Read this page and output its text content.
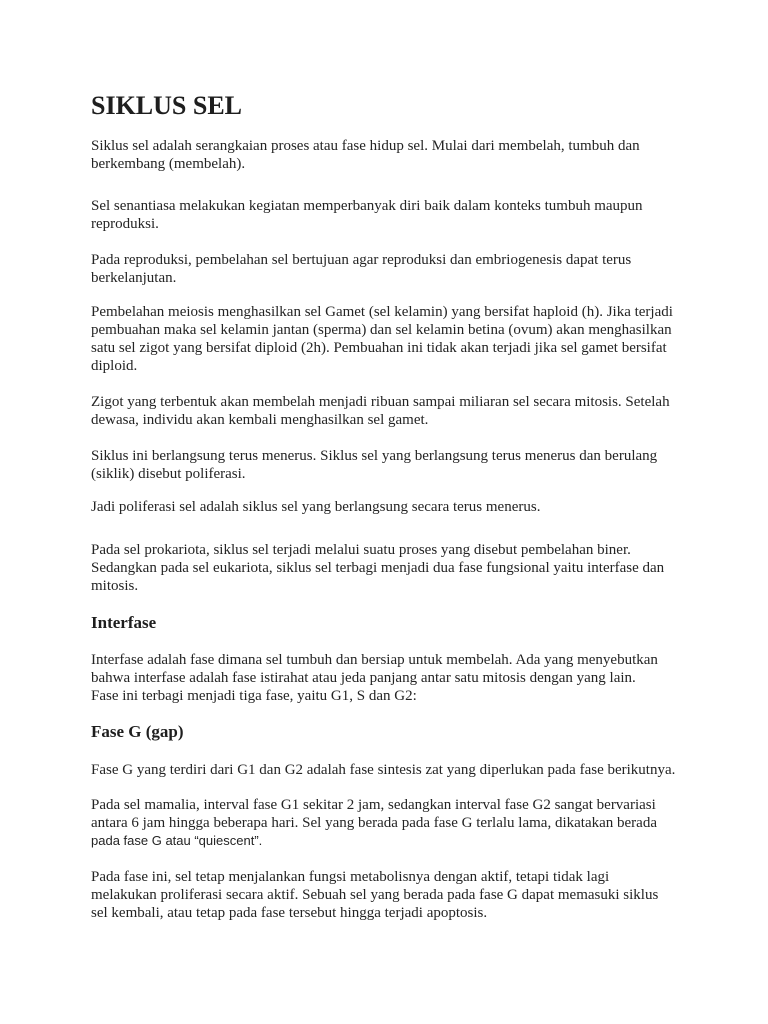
SIKLUS SEL

Siklus sel adalah serangkaian proses atau fase hidup sel. Mulai dari membelah, tumbuh dan
berkembang (membelah).

Sel senantiasa melakukan kegiatan memperbanyak diri baik dalam konteks tumbuh maupun
reproduksi.

Pada reproduksi, pembelahan sel bertujuan agar reproduksi dan embriogenesis dapat terus
berkelanjutan.

Pembelahan meiosis menghasilkan sel Gamet (sel kelamin) yang bersifat haploid (h). Jika terjadi
pembuahan maka sel kelamin jantan (sperma) dan sel kelamin betina (ovum) akan menghasilkan
satu sel zigot yang bersifat diploid (2h). Pembuahan ini tidak akan terjadi jika sel gamet bersifat
diploid.

Zigot yang terbentuk akan membelah menjadi ribuan sampai miliaran sel secara mitosis. Setelah
dewasa, individu akan kembali menghasilkan sel gamet.

Siklus ini berlangsung terus menerus. Siklus sel yang berlangsung terus menerus dan berulang
(siklik) disebut poliferasi.

Jadi poliferasi sel adalah siklus sel yang berlangsung secara terus menerus.

Pada sel prokariota, siklus sel terjadi melalui suatu proses yang disebut pembelahan biner.
Sedangkan pada sel eukariota, siklus sel terbagi menjadi dua fase fungsional yaitu interfase dan
mitosis.

Interfase

Interfase adalah fase dimana sel tumbuh dan bersiap untuk membelah. Ada yang menyebutkan
bahwa interfase adalah fase istirahat atau jeda panjang antar satu mitosis dengan yang lain.
Fase ini terbagi menjadi tiga fase, yaitu G1, S dan G2:

Fase G (gap)

Fase G yang terdiri dari G1 dan G2 adalah fase sintesis zat yang diperlukan pada fase berikutnya.

Pada sel mamalia, interval fase G1 sekitar 2 jam, sedangkan interval fase G2 sangat bervariasi
antara 6 jam hingga beberapa hari. Sel yang berada pada fase G terlalu lama, dikatakan berada
pada fase G atau “quiescent”.

Pada fase ini, sel tetap menjalankan fungsi metabolisnya dengan aktif, tetapi tidak lagi
melakukan proliferasi secara aktif. Sebuah sel yang berada pada fase G dapat memasuki siklus
sel kembali, atau tetap pada fase tersebut hingga terjadi apoptosis.
